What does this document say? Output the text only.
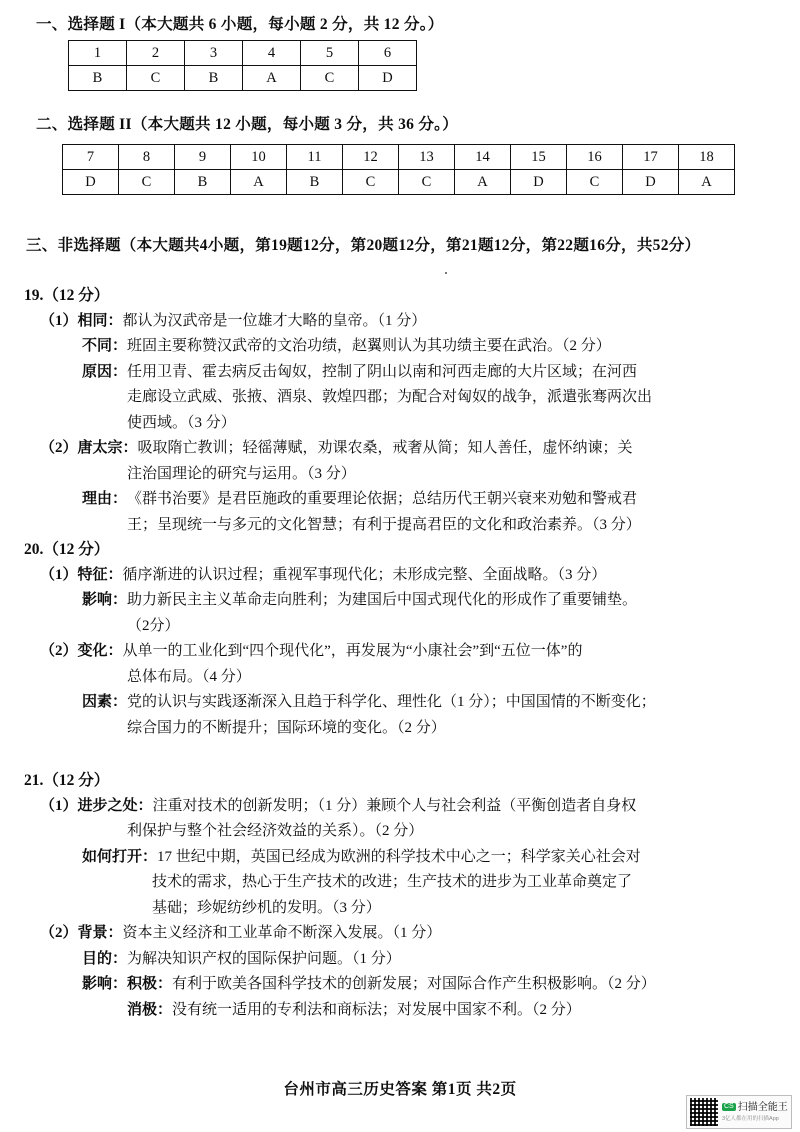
一、选择题 I（本大题共 6 小题，每小题 2 分，共 12 分。）
1	2	3	4	5	6
B	C	B	A	C	D
二、选择题 II（本大题共 12 小题，每小题 3 分，共 36 分。）
7	8	9	10	11	12	13	14	15	16	17	18
D	C	B	A	B	C	C	A	D	C	D	A
三、非选择题（本大题共4小题，第19题12分，第20题12分，第21题12分，第22题16分，共52分）
19.（12 分）
（1）相同： 都认为汉武帝是一位雄才大略的皇帝。（1 分）
不同： 班固主要称赞汉武帝的文治功绩，赵翼则认为其功绩主要在武治。（2 分）
原因： 任用卫青、霍去病反击匈奴，控制了阴山以南和河西走廊的大片区域；在河西
走廊设立武威、张掖、酒泉、敦煌四郡；为配合对匈奴的战争，派遣张骞两次出
使西域。（3 分）
（2）唐太宗： 吸取隋亡教训；轻徭薄赋，劝课农桑，戒奢从简；知人善任，虚怀纳谏；关
注治国理论的研究与运用。（3 分）
理由： 《群书治要》是君臣施政的重要理论依据；总结历代王朝兴衰来劝勉和警戒君
王；呈现统一与多元的文化智慧；有利于提高君臣的文化和政治素养。（3 分）
20.（12 分）
（1）特征： 循序渐进的认识过程；重视军事现代化；未形成完整、全面战略。（3 分）
影响： 助力新民主主义革命走向胜利；为建国后中国式现代化的形成作了重要铺垫。
（2分）
（2）变化： 从单一的工业化到“四个现代化”，再发展为“小康社会”到“五位一体”的
总体布局。（4 分）
因素： 党的认识与实践逐渐深入且趋于科学化、理性化（1 分）；中国国情的不断变化；
综合国力的不断提升；国际环境的变化。（2 分）
21.（12 分）
（1）进步之处： 注重对技术的创新发明；（1 分）兼顾个人与社会利益（平衡创造者自身权
利保护与整个社会经济效益的关系）。（2 分）
如何打开： 17 世纪中期，英国已经成为欧洲的科学技术中心之一；科学家关心社会对
技术的需求，热心于生产技术的改进；生产技术的进步为工业革命奠定了
基础；珍妮纺纱机的发明。（3 分）
（2）背景： 资本主义经济和工业革命不断深入发展。（1 分）
目的： 为解决知识产权的国际保护问题。（1 分）
影响： 积极： 有利于欧美各国科学技术的创新发展；对国际合作产生积极影响。（2 分）
消极： 没有统一适用的专利法和商标法；对发展中国家不利。（2 分）
台州市高三历史答案 第1页 共2页
CS 扫描全能王
3亿人都在用的扫描App
